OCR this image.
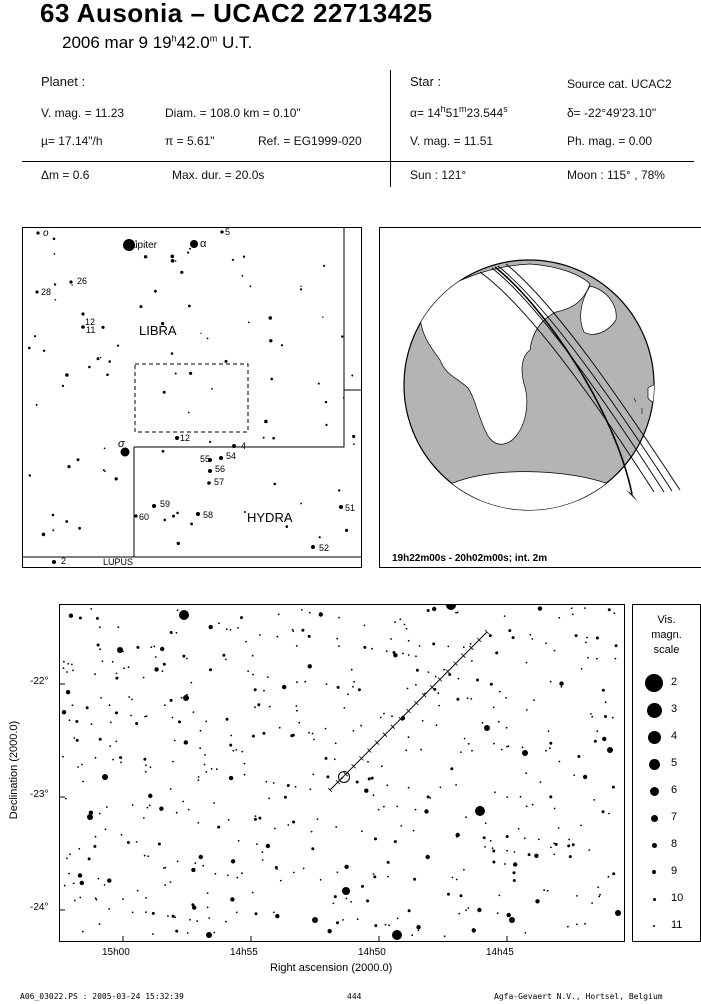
63 Ausonia – UCAC2 22713425
2006 mar 9 19$^h$42.0$^m$ U.T.
Planet :
V. mag. = 11.23	Diam. = 108.0 km = 0.10"
µ= 17.14"/h	π = 5.61"	Ref. = EG1999-020
Δm = 0.6	Max. dur. = 20.0s
Star :	Source cat. UCAC2
$\alpha= 14^h51^m23.544^s$	δ= -22°49'23.10"
V. mag. = 11.51	Ph. mag. = 0.00
Sun : 121°	Moon : 115° , 78%
Jupiter	α
o	5
26
28
12
11	LIBRA
σ	12
4
55 54
56
57
59
60	58	HYDRA
51
52
2	LUPUS	19h22m00s - 20h02m00s; int. 2m
-22°
-23°
-24°
15h00	14h55	14h50	14h45
Right ascension (2000.0)
Declination (2000.0)
Vis.
magn.
scale
2
3
4
5
6
7
8
9
10
11
A06_03022.PS : 2005-03-24 15:32:39	444	Agfa-Gevaert N.V., Hortsel, Belgium
